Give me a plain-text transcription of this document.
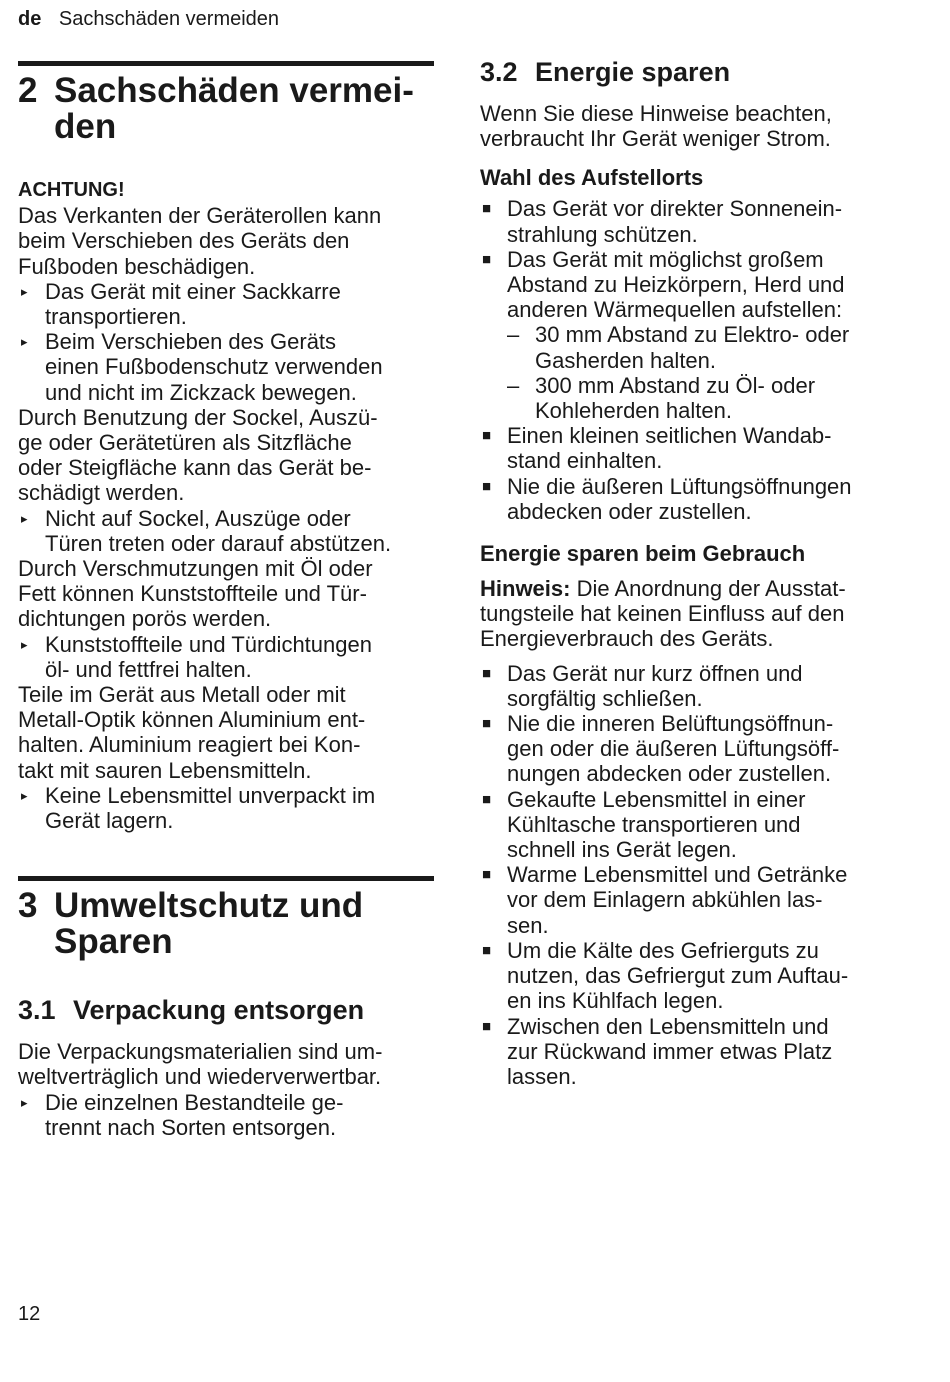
de Sachschäden vermeiden
2 Sachschäden vermei-
den
ACHTUNG!
Das Verkanten der Geräterollen kann
beim Verschieben des Geräts den
Fußboden beschädigen.
▸ Das Gerät mit einer Sackkarre
transportieren.
▸ Beim Verschieben des Geräts
einen Fußbodenschutz verwenden
und nicht im Zickzack bewegen.
Durch Benutzung der Sockel, Auszü-
ge oder Gerätetüren als Sitzfläche
oder Steigfläche kann das Gerät be-
schädigt werden.
▸ Nicht auf Sockel, Auszüge oder
Türen treten oder darauf abstützen.
Durch Verschmutzungen mit Öl oder
Fett können Kunststoffteile und Tür-
dichtungen porös werden.
▸ Kunststoffteile und Türdichtungen
öl- und fettfrei halten.
Teile im Gerät aus Metall oder mit
Metall-Optik können Aluminium ent-
halten. Aluminium reagiert bei Kon-
takt mit sauren Lebensmitteln.
▸ Keine Lebensmittel unverpackt im
Gerät lagern.
3 Umweltschutz und
Sparen
3.1 Verpackung entsorgen
Die Verpackungsmaterialien sind um-
weltverträglich und wiederverwertbar.
▸ Die einzelnen Bestandteile ge-
trennt nach Sorten entsorgen.
3.2 Energie sparen
Wenn Sie diese Hinweise beachten,
verbraucht Ihr Gerät weniger Strom.
Wahl des Aufstellorts
■ Das Gerät vor direkter Sonnenein-
strahlung schützen.
■ Das Gerät mit möglichst großem
Abstand zu Heizkörpern, Herd und
anderen Wärmequellen aufstellen:
– 30 mm Abstand zu Elektro- oder
Gasherden halten.
– 300 mm Abstand zu Öl- oder
Kohleherden halten.
■ Einen kleinen seitlichen Wandab-
stand einhalten.
■ Nie die äußeren Lüftungsöffnungen
abdecken oder zustellen.
Energie sparen beim Gebrauch
Hinweis: Die Anordnung der Ausstat-
tungsteile hat keinen Einfluss auf den
Energieverbrauch des Geräts.
■ Das Gerät nur kurz öffnen und
sorgfältig schließen.
■ Nie die inneren Belüftungsöffnun-
gen oder die äußeren Lüftungsöff-
nungen abdecken oder zustellen.
■ Gekaufte Lebensmittel in einer
Kühltasche transportieren und
schnell ins Gerät legen.
■ Warme Lebensmittel und Getränke
vor dem Einlagern abkühlen las-
sen.
■ Um die Kälte des Gefrierguts zu
nutzen, das Gefriergut zum Auftau-
en ins Kühlfach legen.
■ Zwischen den Lebensmitteln und
zur Rückwand immer etwas Platz
lassen.
12
